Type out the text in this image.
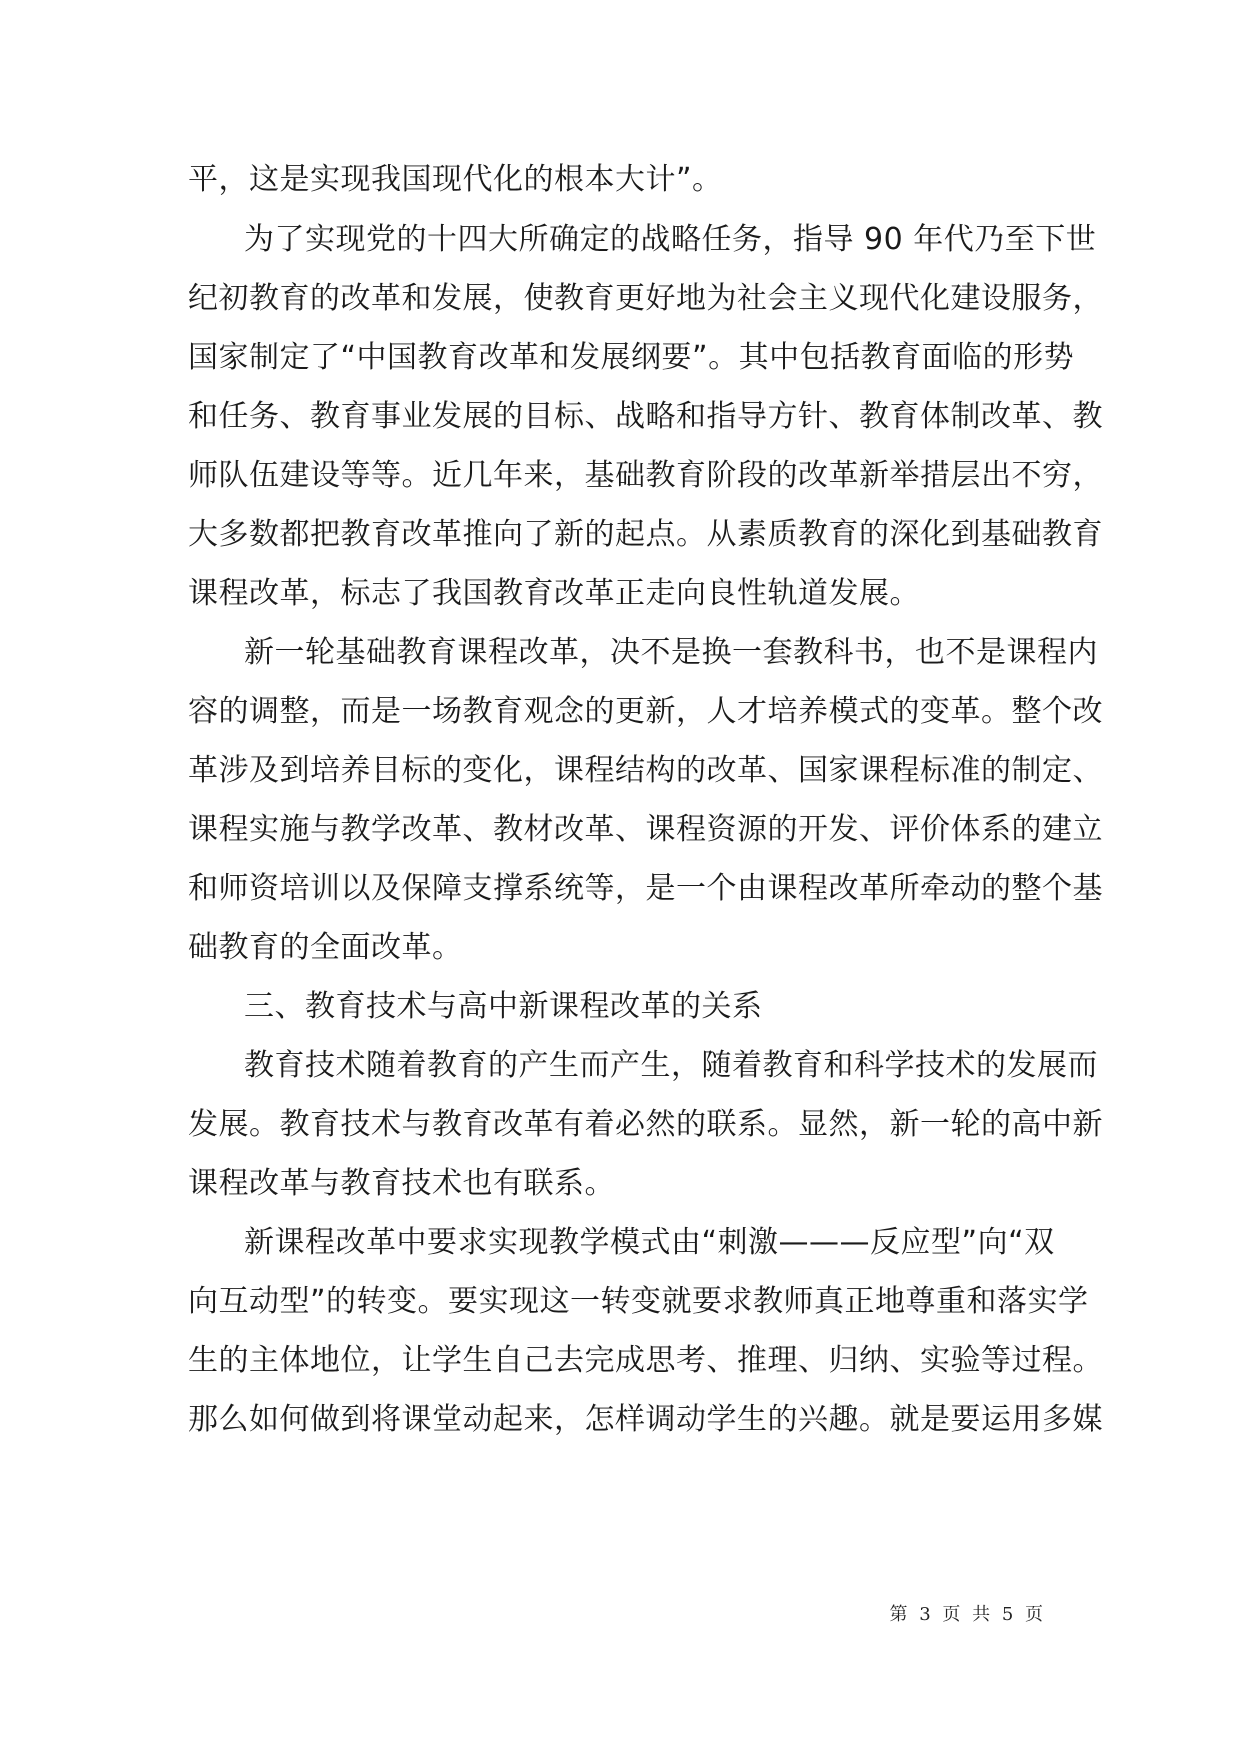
平，这是实现我国现代化的根本大计”。
为了实现党的十四大所确定的战略任务，指导 90 年代乃至下世
纪初教育的改革和发展，使教育更好地为社会主义现代化建设服务，
国家制定了“中国教育改革和发展纲要”。其中包括教育面临的形势
和任务、教育事业发展的目标、战略和指导方针、教育体制改革、教
师队伍建设等等。近几年来，基础教育阶段的改革新举措层出不穷，
大多数都把教育改革推向了新的起点。从素质教育的深化到基础教育
课程改革，标志了我国教育改革正走向良性轨道发展。
新一轮基础教育课程改革，决不是换一套教科书，也不是课程内
容的调整，而是一场教育观念的更新，人才培养模式的变革。整个改
革涉及到培养目标的变化，课程结构的改革、国家课程标准的制定、
课程实施与教学改革、教材改革、课程资源的开发、评价体系的建立
和师资培训以及保障支撑系统等，是一个由课程改革所牵动的整个基
础教育的全面改革。
三、教育技术与高中新课程改革的关系
教育技术随着教育的产生而产生，随着教育和科学技术的发展而
发展。教育技术与教育改革有着必然的联系。显然，新一轮的高中新
课程改革与教育技术也有联系。
新课程改革中要求实现教学模式由“刺激———反应型”向“双
向互动型”的转变。要实现这一转变就要求教师真正地尊重和落实学
生的主体地位，让学生自己去完成思考、推理、归纳、实验等过程。
那么如何做到将课堂动起来，怎样调动学生的兴趣。就是要运用多媒
第 3 页 共 5 页
